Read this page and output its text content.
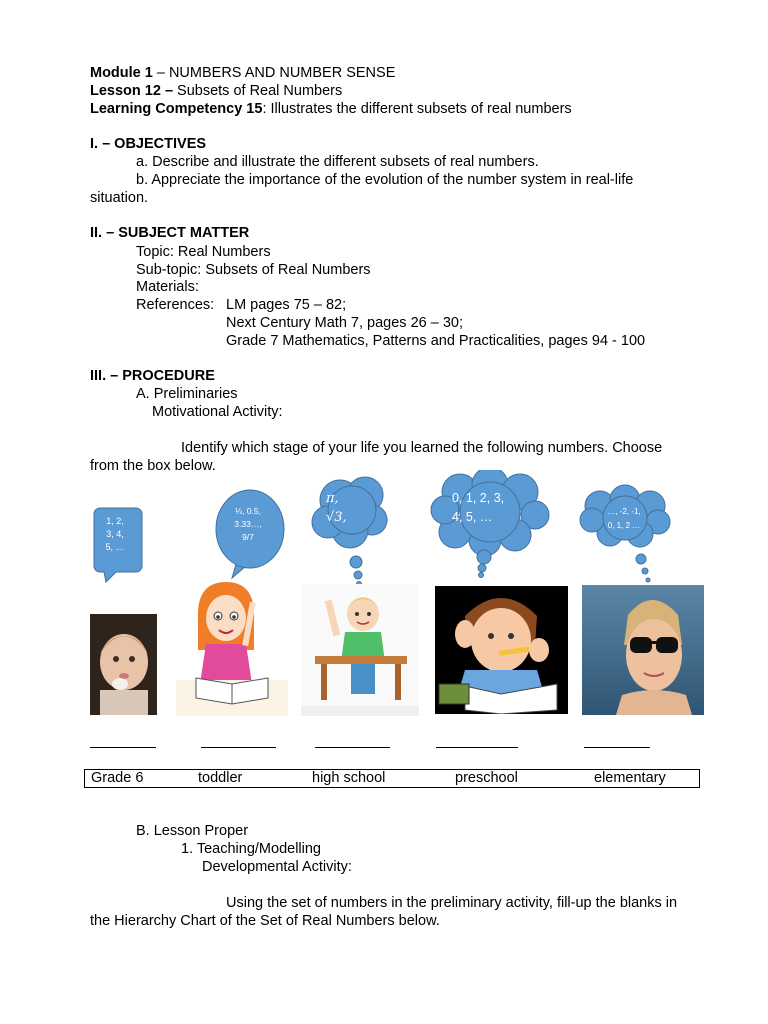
Module 1 – NUMBERS AND NUMBER SENSE
Lesson 12 – Subsets of Real Numbers
Learning Competency 15: Illustrates the different subsets of real numbers
I. – OBJECTIVES
a. Describe and illustrate the different subsets of real numbers.
b. Appreciate the importance of the evolution of the number system in real-life
situation.
II. – SUBJECT MATTER
Topic: Real Numbers
Sub-topic: Subsets of Real Numbers
Materials:
References: LM pages 75 – 82;
Next Century Math 7, pages 26 – 30;
Grade 7 Mathematics, Patterns and Practicalities, pages 94 - 100
III. – PROCEDURE
A. Preliminaries
Motivational Activity:
Identify which stage of your life you learned the following numbers. Choose
from the box below.
1, 2,
3, 4,
5, …
⅓, 0.5,
3.33…,
9/7
π,
√3,
0, 1, 2, 3,
4, 5, …	…, -2, -1,
0, 1, 2 …
Grade 6	toddler	high school	preschool	elementary
B. Lesson Proper
1. Teaching/Modelling
Developmental Activity:
Using the set of numbers in the preliminary activity, fill-up the blanks in
the Hierarchy Chart of the Set of Real Numbers below.
